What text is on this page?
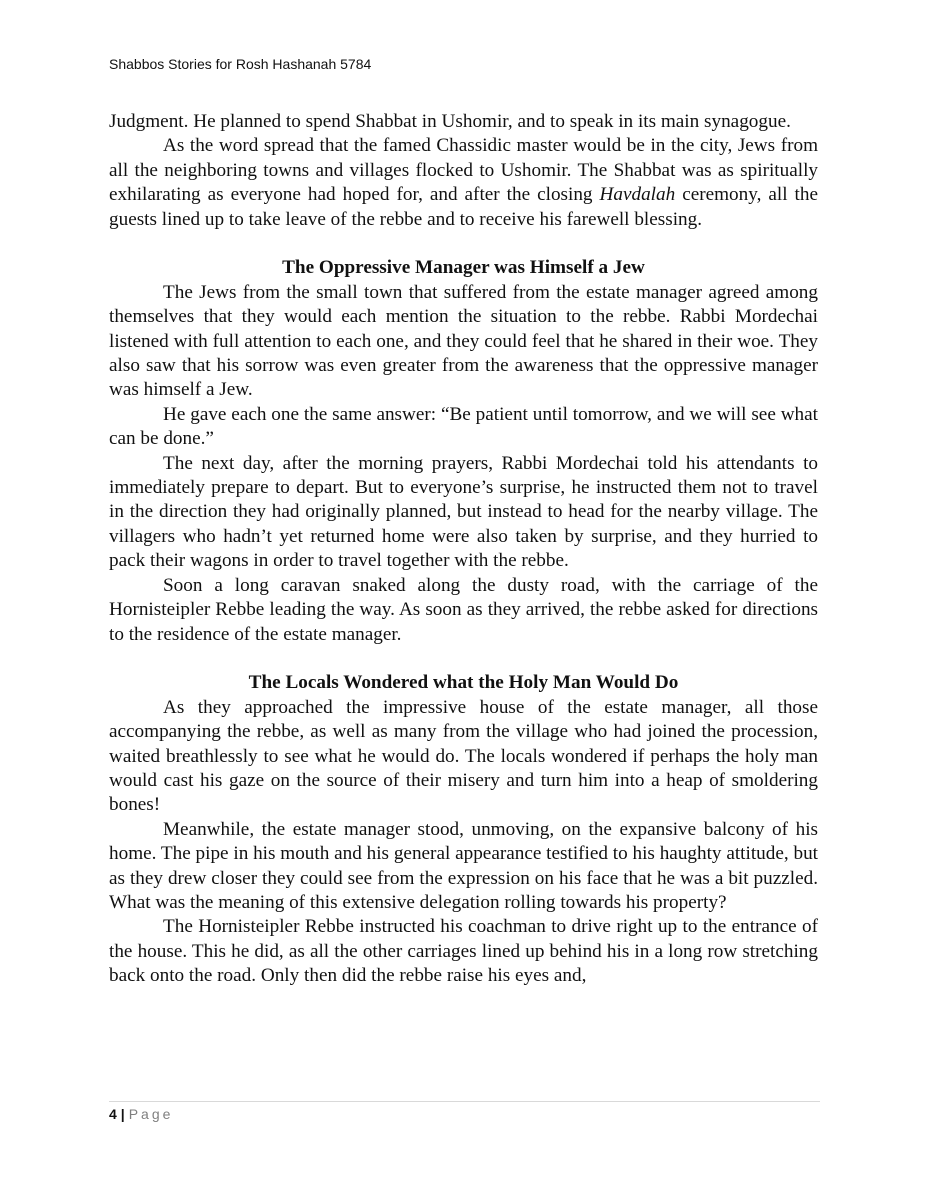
Shabbos Stories for Rosh Hashanah 5784

Judgment. He planned to spend Shabbat in Ushomir, and to speak in its main synagogue.

As the word spread that the famed Chassidic master would be in the city, Jews from all the neighboring towns and villages flocked to Ushomir. The Shabbat was as spiritually exhilarating as everyone had hoped for, and after the closing Havdalah ceremony, all the guests lined up to take leave of the rebbe and to receive his farewell blessing.

The Oppressive Manager was Himself a Jew

The Jews from the small town that suffered from the estate manager agreed among themselves that they would each mention the situation to the rebbe. Rabbi Mordechai listened with full attention to each one, and they could feel that he shared in their woe. They also saw that his sorrow was even greater from the awareness that the oppressive manager was himself a Jew.

He gave each one the same answer: “Be patient until tomorrow, and we will see what can be done.”

The next day, after the morning prayers, Rabbi Mordechai told his attendants to immediately prepare to depart. But to everyone’s surprise, he instructed them not to travel in the direction they had originally planned, but instead to head for the nearby village. The villagers who hadn’t yet returned home were also taken by surprise, and they hurried to pack their wagons in order to travel together with the rebbe.

Soon a long caravan snaked along the dusty road, with the carriage of the Hornisteipler Rebbe leading the way. As soon as they arrived, the rebbe asked for directions to the residence of the estate manager.

The Locals Wondered what the Holy Man Would Do

As they approached the impressive house of the estate manager, all those accompanying the rebbe, as well as many from the village who had joined the procession, waited breathlessly to see what he would do. The locals wondered if perhaps the holy man would cast his gaze on the source of their misery and turn him into a heap of smoldering bones!

Meanwhile, the estate manager stood, unmoving, on the expansive balcony of his home. The pipe in his mouth and his general appearance testified to his haughty attitude, but as they drew closer they could see from the expression on his face that he was a bit puzzled. What was the meaning of this extensive delegation rolling towards his property?

The Hornisteipler Rebbe instructed his coachman to drive right up to the entrance of the house. This he did, as all the other carriages lined up behind his in a long row stretching back onto the road. Only then did the rebbe raise his eyes and,

4 | Page
